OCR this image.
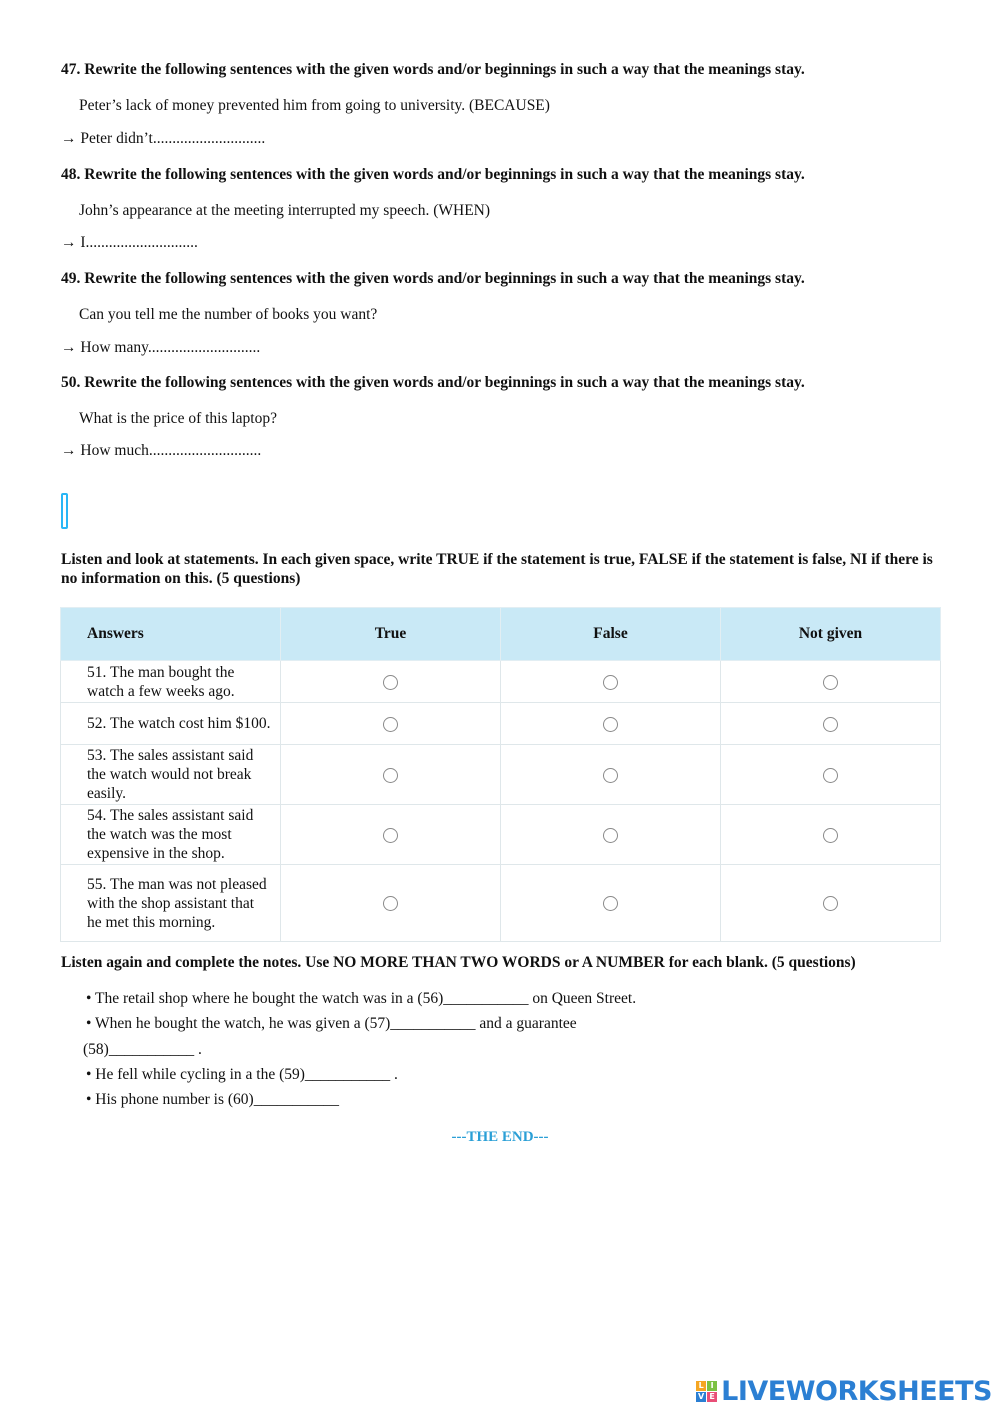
47. Rewrite the following sentences with the given words and/or beginnings in such a way that the meanings stay.
Peter’s lack of money prevented him from going to university. (BECAUSE)
→ Peter didn’t.............................
48. Rewrite the following sentences with the given words and/or beginnings in such a way that the meanings stay.
John’s appearance at the meeting interrupted my speech. (WHEN)
→ I.............................
49. Rewrite the following sentences with the given words and/or beginnings in such a way that the meanings stay.
Can you tell me the number of books you want?
→ How many.............................
50. Rewrite the following sentences with the given words and/or beginnings in such a way that the meanings stay.
What is the price of this laptop?
→ How much.............................
Listen and look at statements. In each given space, write TRUE if the statement is true, FALSE if the statement is false, NI if there is no information on this. (5 questions)
Answers	True	False	Not given
51. The man bought the watch a few weeks ago.			
52. The watch cost him $100.			
53. The sales assistant said the watch would not break easily.			
54. The sales assistant said the watch was the most expensive in the shop.			
55. The man was not pleased with the shop assistant that he met this morning.			
Listen again and complete the notes. Use NO MORE THAN TWO WORDS or A NUMBER for each blank. (5 questions)
• The retail shop where he bought the watch was in a (56)___________ on Queen Street.
• When he bought the watch, he was given a (57)___________ and a guarantee
(58)___________ .
• He fell while cycling in a the (59)___________ .
• His phone number is (60)___________
---THE END---
L I
V E LIVEWORKSHEETS
